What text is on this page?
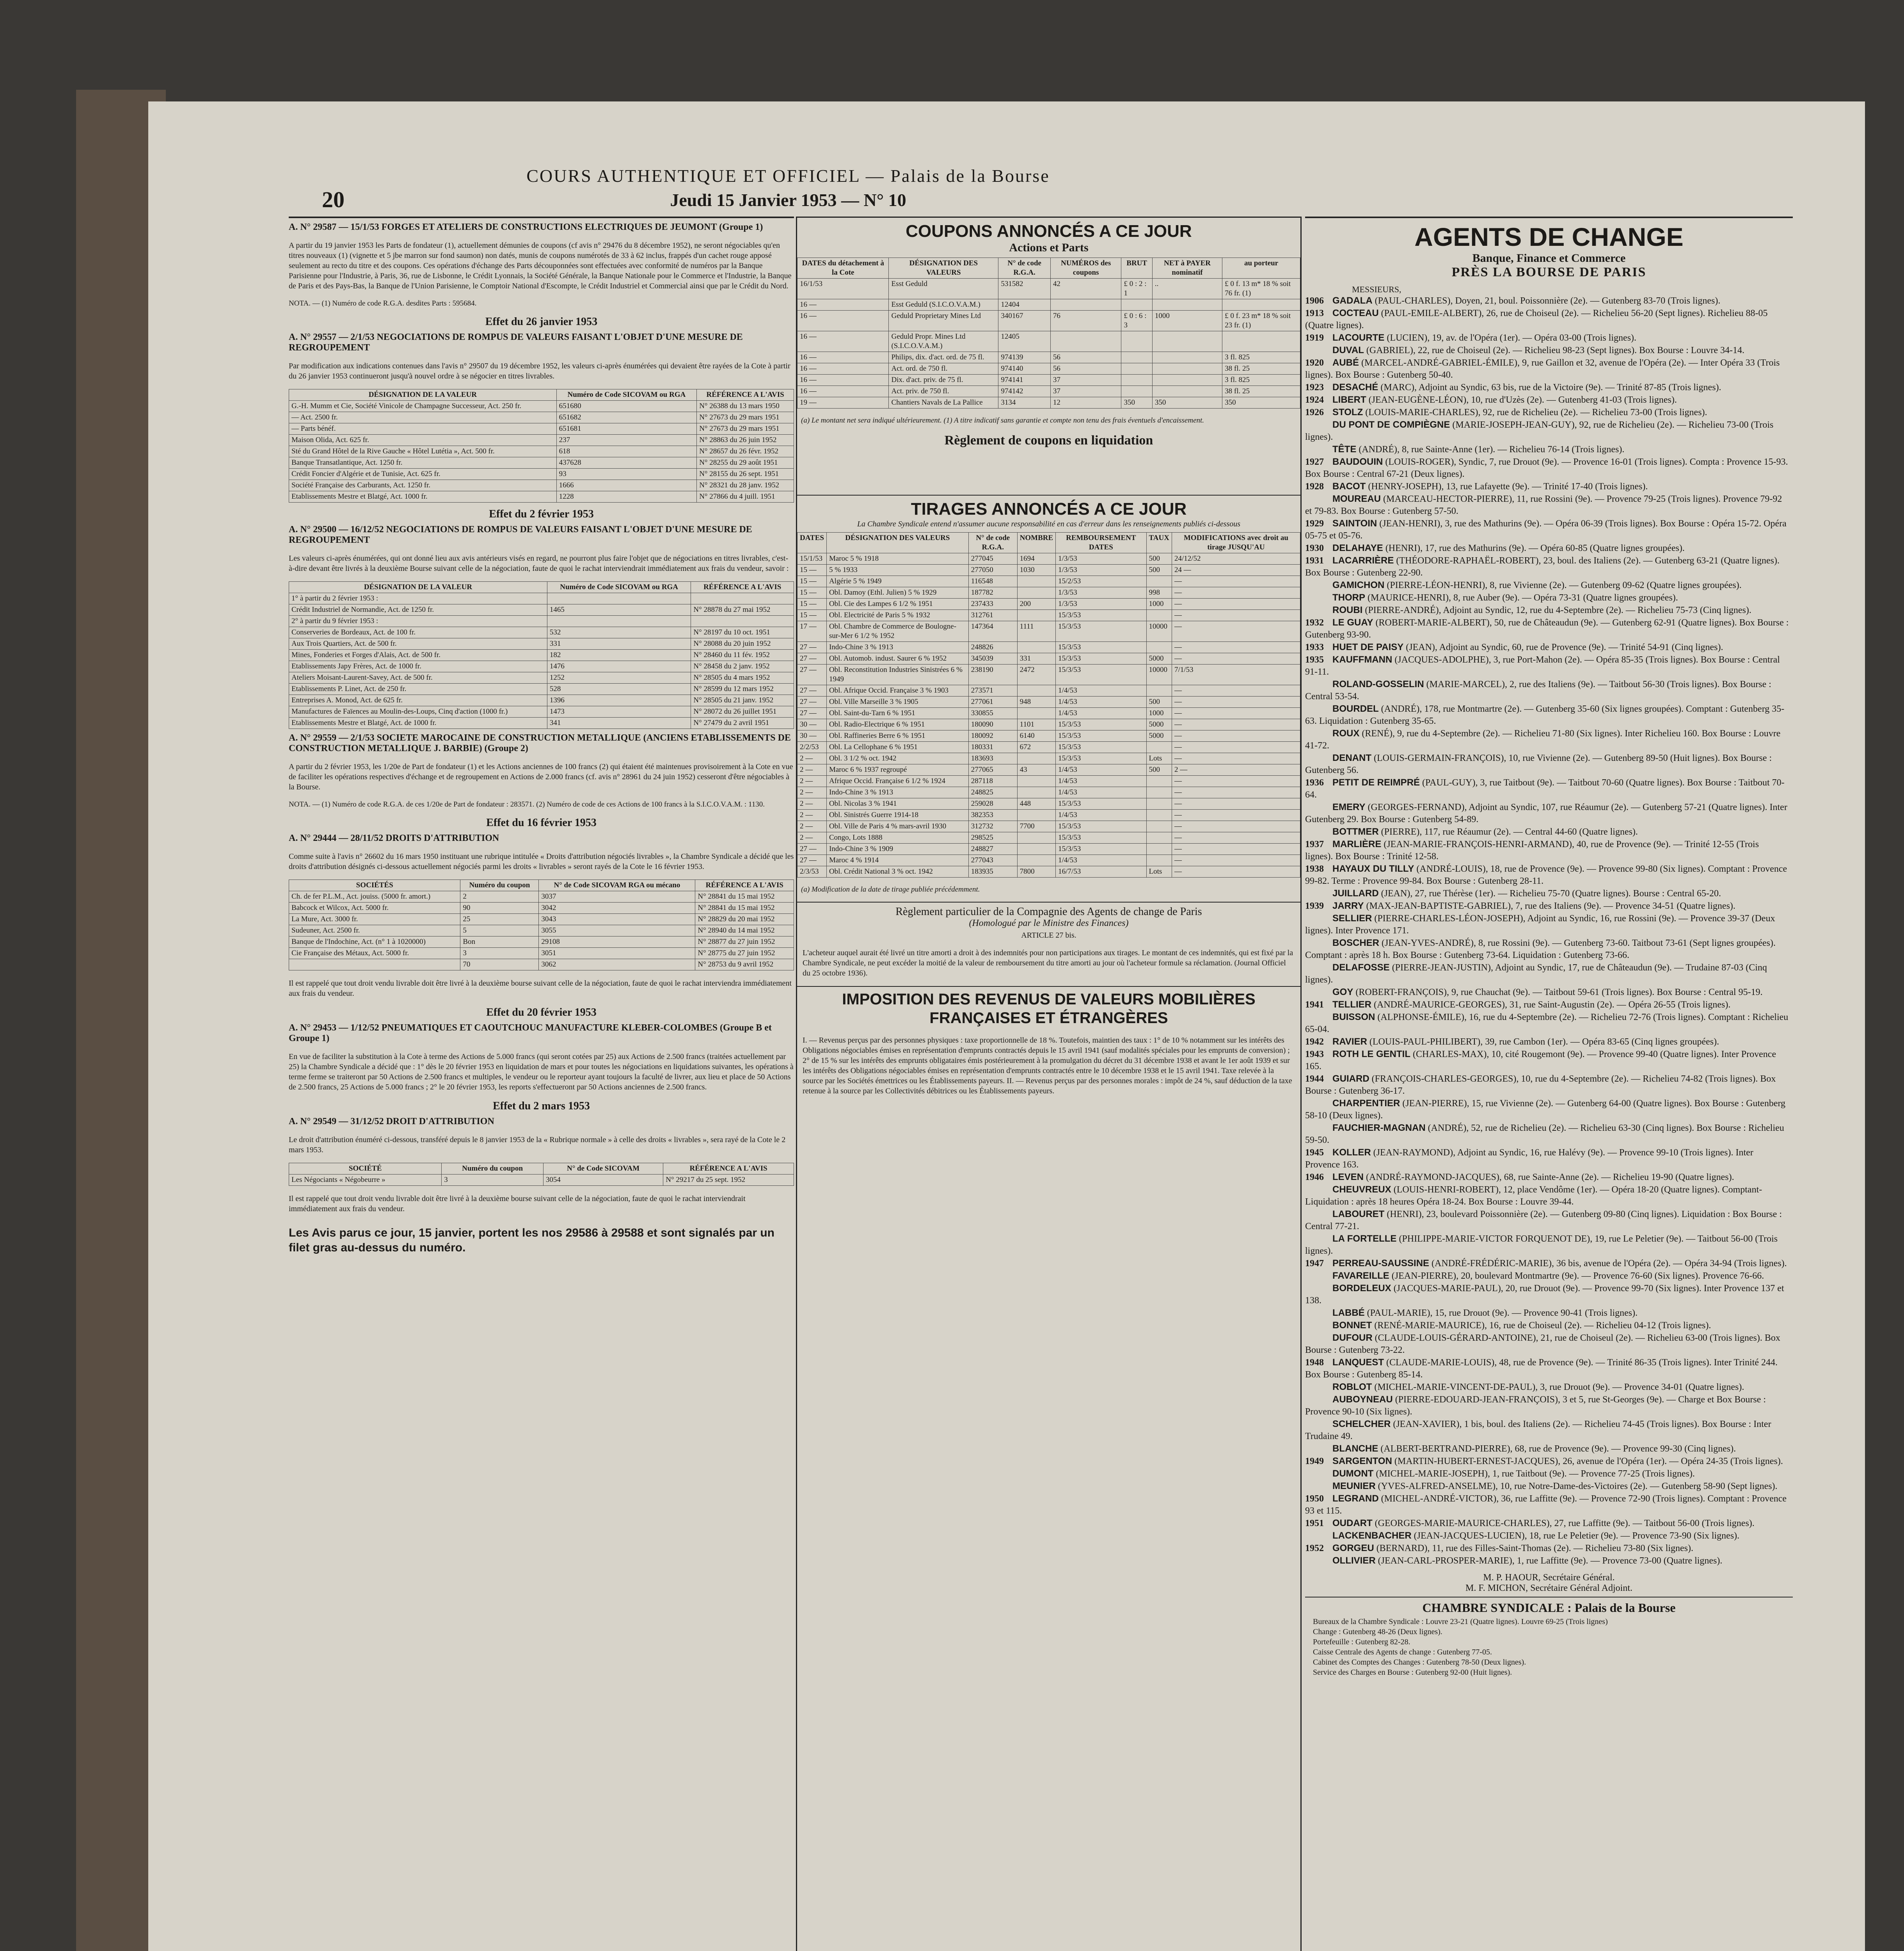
20
COURS AUTHENTIQUE ET OFFICIEL — Palais de la Bourse
Jeudi 15 Janvier 1953 — N° 10
A. N° 29587 — 15/1/53 FORGES ET ATELIERS DE CONSTRUCTIONS ELECTRIQUES DE JEUMONT (Groupe 1)

A partir du 19 janvier 1953 les Parts de fondateur (1), actuellement démunies de coupons (cf avis n° 29476 du 8 décembre 1952), ne seront négociables qu'en titres nouveaux (1) (vignette et 5 jbe marron sur fond saumon) non datés, munis de coupons numérotés de 33 à 62 inclus, frappés d'un cachet rouge apposé seulement au recto du titre et des coupons. Ces opérations d'échange des Parts découponnées sont effectuées avec conformité de numéros par la Banque Parisienne pour l'Industrie, à Paris, 36, rue de Lisbonne, le Crédit Lyonnais, la Société Générale, la Banque Nationale pour le Commerce et l'Industrie, la Banque de Paris et des Pays-Bas, la Banque de l'Union Parisienne, le Comptoir National d'Escompte, le Crédit Industriel et Commercial ainsi que par le Crédit du Nord.

NOTA. — (1) Numéro de code R.G.A. desdites Parts : 595684.

Effet du 26 janvier 1953
A. N° 29557 — 2/1/53 NEGOCIATIONS DE ROMPUS DE VALEURS FAISANT L'OBJET D'UNE MESURE DE REGROUPEMENT

Par modification aux indications contenues dans l'avis n° 29507 du 19 décembre 1952, les valeurs ci-après énumérées qui devaient être rayées de la Cote à partir du 26 janvier 1953 continueront jusqu'à nouvel ordre à se négocier en titres livrables.

DÉSIGNATION DE LA VALEUR	Numéro de Code SICOVAM ou RGA	RÉFÉRENCE A L'AVIS
G.-H. Mumm et Cie, Société Vinicole de Champagne Successeur, Act. 250 fr.	651680	N° 26388 du 13 mars 1950
— Act. 2500 fr.	651682	N° 27673 du 29 mars 1951
— Parts bénéf.	651681	N° 27673 du 29 mars 1951
Maison Olida, Act. 625 fr.	237	N° 28863 du 26 juin 1952
Sté du Grand Hôtel de la Rive Gauche « Hôtel Lutétia », Act. 500 fr.	618	N° 28657 du 26 févr. 1952
Banque Transatlantique, Act. 1250 fr.	437628	N° 28255 du 29 août 1951
Crédit Foncier d'Algérie et de Tunisie, Act. 625 fr.	93	N° 28155 du 26 sept. 1951
Société Française des Carburants, Act. 1250 fr.	1666	N° 28321 du 28 janv. 1952
Etablissements Mestre et Blatgé, Act. 1000 fr.	1228	N° 27866 du 4 juill. 1951
Effet du 2 février 1953
A. N° 29500 — 16/12/52 NEGOCIATIONS DE ROMPUS DE VALEURS FAISANT L'OBJET D'UNE MESURE DE REGROUPEMENT

Les valeurs ci-après énumérées, qui ont donné lieu aux avis antérieurs visés en regard, ne pourront plus faire l'objet que de négociations en titres livrables, c'est-à-dire devant être livrés à la deuxième Bourse suivant celle de la négociation, faute de quoi le rachat interviendrait immédiatement aux frais du vendeur, savoir :

DÉSIGNATION DE LA VALEUR	Numéro de Code SICOVAM ou RGA	RÉFÉRENCE A L'AVIS
1° à partir du 2 février 1953 :		
Crédit Industriel de Normandie, Act. de 1250 fr.	1465	N° 28878 du 27 mai 1952
2° à partir du 9 février 1953 :		
Conserveries de Bordeaux, Act. de 100 fr.	532	N° 28197 du 10 oct. 1951
Aux Trois Quartiers, Act. de 500 fr.	331	N° 28088 du 20 juin 1952
Mines, Fonderies et Forges d'Alais, Act. de 500 fr.	182	N° 28460 du 11 fév. 1952
Etablissements Japy Frères, Act. de 1000 fr.	1476	N° 28458 du 2 janv. 1952
Ateliers Moisant-Laurent-Savey, Act. de 500 fr.	1252	N° 28505 du 4 mars 1952
Etablissements P. Linet, Act. de 250 fr.	528	N° 28599 du 12 mars 1952
Entreprises A. Monod, Act. de 625 fr.	1396	N° 28505 du 21 janv. 1952
Manufactures de Faïences au Moulin-des-Loups, Cinq d'action (1000 fr.)	1473	N° 28072 du 26 juillet 1951
Etablissements Mestre et Blatgé, Act. de 1000 fr.	341	N° 27479 du 2 avril 1951
A. N° 29559 — 2/1/53 SOCIETE MAROCAINE DE CONSTRUCTION METALLIQUE (ANCIENS ETABLISSEMENTS DE CONSTRUCTION METALLIQUE J. BARBIE) (Groupe 2)

A partir du 2 février 1953, les 1/20e de Part de fondateur (1) et les Actions anciennes de 100 francs (2) qui étaient été maintenues provisoirement à la Cote en vue de faciliter les opérations respectives d'échange et de regroupement en Actions de 2.000 francs (cf. avis n° 28961 du 24 juin 1952) cesseront d'être négociables à la Bourse.

NOTA. — (1) Numéro de code R.G.A. de ces 1/20e de Part de fondateur : 283571. (2) Numéro de code de ces Actions de 100 francs à la S.I.C.O.V.A.M. : 1130.

Effet du 16 février 1953
A. N° 29444 — 28/11/52 DROITS D'ATTRIBUTION

Comme suite à l'avis n° 26602 du 16 mars 1950 instituant une rubrique intitulée « Droits d'attribution négociés livrables », la Chambre Syndicale a décidé que les droits d'attribution désignés ci-dessous actuellement négociés parmi les droits « livrables » seront rayés de la Cote le 16 février 1953.

SOCIÉTÉS	Numéro du coupon	N° de Code SICOVAM RGA ou mécano	RÉFÉRENCE A L'AVIS
Ch. de fer P.L.M., Act. jouiss. (5000 fr. amort.)	2	3037	N° 28841 du 15 mai 1952
Babcock et Wilcox, Act. 5000 fr.	90	3042	N° 28841 du 15 mai 1952
La Mure, Act. 3000 fr.	25	3043	N° 28829 du 20 mai 1952
Sudeuner, Act. 2500 fr.	5	3055	N° 28940 du 14 mai 1952
Banque de l'Indochine, Act. (n° 1 à 1020000)	Bon	29108	N° 28877 du 27 juin 1952
Cie Française des Métaux, Act. 5000 fr.	3	3051	N° 28775 du 27 juin 1952
	70	3062	N° 28753 du 9 avril 1952

Il est rappelé que tout droit vendu livrable doit être livré à la deuxième bourse suivant celle de la négociation, faute de quoi le rachat interviendra immédiatement aux frais du vendeur.

Effet du 20 février 1953
A. N° 29453 — 1/12/52 PNEUMATIQUES ET CAOUTCHOUC MANUFACTURE KLEBER-COLOMBES (Groupe B et Groupe 1)

En vue de faciliter la substitution à la Cote à terme des Actions de 5.000 francs (qui seront cotées par 25) aux Actions de 2.500 francs (traitées actuellement par 25) la Chambre Syndicale a décidé que : 1° dès le 20 février 1953 en liquidation de mars et pour toutes les négociations en liquidations suivantes, les opérations à terme ferme se traiteront par 50 Actions de 2.500 francs et multiples, le vendeur ou le reporteur ayant toujours la faculté de livrer, aux lieu et place de 50 Actions de 2.500 francs, 25 Actions de 5.000 francs ; 2° le 20 février 1953, les reports s'effectueront par 50 Actions anciennes de 2.500 francs.

Effet du 2 mars 1953
A. N° 29549 — 31/12/52 DROIT D'ATTRIBUTION

Le droit d'attribution énuméré ci-dessous, transféré depuis le 8 janvier 1953 de la « Rubrique normale » à celle des droits « livrables », sera rayé de la Cote le 2 mars 1953.

SOCIÉTÉ	Numéro du coupon	N° de Code SICOVAM	RÉFÉRENCE A L'AVIS
Les Négociants « Négobeurre »	3	3054	N° 29217 du 25 sept. 1952

Il est rappelé que tout droit vendu livrable doit être livré à la deuxième bourse suivant celle de la négociation, faute de quoi le rachat interviendrait immédiatement aux frais du vendeur.

Les Avis parus ce jour, 15 janvier, portent les nos 29586 à 29588 et sont signalés par un filet gras au-dessus du numéro.

COUPONS ANNONCÉS A CE JOUR
Actions et Parts
DATES du détachement à la Cote	DÉSIGNATION DES VALEURS	N° de code R.G.A.	NUMÉROS des coupons	BRUT	NET à PAYER nominatif	au porteur
16/1/53	Esst Geduld	531582	42	£ 0 : 2 : 1	..	£ 0 f. 13 m* 18 % soit 76 fr. (1)
16 —	Esst Geduld (S.I.C.O.V.A.M.)	12404				
16 —	Geduld Proprietary Mines Ltd	340167	76	£ 0 : 6 : 3	1000	£ 0 f. 23 m* 18 % soit 23 fr. (1)
16 —	Geduld Propr. Mines Ltd (S.I.C.O.V.A.M.)	12405				
16 —	Philips, dix. d'act. ord. de 75 fl.	974139	56			3 fl. 825
16 —	Act. ord. de 750 fl.	974140	56			38 fl. 25
16 —	Dix. d'act. priv. de 75 fl.	974141	37			3 fl. 825
16 —	Act. priv. de 750 fl.	974142	37			38 fl. 25
19 —	Chantiers Navals de La Pallice	3134	12	350	350	350

(a) Le montant net sera indiqué ultérieurement. (1) A titre indicatif sans garantie et compte non tenu des frais éventuels d'encaissement.

Règlement de coupons en liquidation
TIRAGES ANNONCÉS A CE JOUR
La Chambre Syndicale entend n'assumer aucune responsabilité en cas d'erreur dans les renseignements publiés ci-dessous
DATES	DÉSIGNATION DES VALEURS	N° de code R.G.A.	NOMBRE	REMBOURSEMENT DATES	TAUX	MODIFICATIONS avec droit au tirage JUSQU'AU
15/1/53	Maroc 5 % 1918	277045	1694	1/3/53	500	24/12/52
15 —	5 % 1933	277050	1030	1/3/53	500	24 —
15 —	Algérie 5 % 1949	116548		15/2/53		—
15 —	Obl. Damoy (Ethl. Julien) 5 % 1929	187782		1/3/53	998	—
15 —	Obl. Cie des Lampes 6 1/2 % 1951	237433	200	1/3/53	1000	—
15 —	Obl. Electricité de Paris 5 % 1932	312761		15/3/53		—
17 —	Obl. Chambre de Commerce de Boulogne-sur-Mer 6 1/2 % 1952	147364	1111	15/3/53	10000	—
27 —	Indo-Chine 3 % 1913	248826		15/3/53		—
27 —	Obl. Automob. indust. Saurer 6 % 1952	345039	331	15/3/53	5000	—
27 —	Obl. Reconstitution Industries Sinistrées 6 % 1949	238190	2472	15/3/53	10000	7/1/53
27 —	Obl. Afrique Occid. Française 3 % 1903	273571		1/4/53		—
27 —	Obl. Ville Marseille 3 % 1905	277061	948	1/4/53	500	—
27 —	Obl. Saint-du-Tarn 6 % 1951	330855		1/4/53	1000	—
30 —	Obl. Radio-Electrique 6 % 1951	180090	1101	15/3/53	5000	—
30 —	Obl. Raffineries Berre 6 % 1951	180092	6140	15/3/53	5000	—
2/2/53	Obl. La Cellophane 6 % 1951	180331	672	15/3/53		—
2 —	Obl. 3 1/2 % oct. 1942	183693		15/3/53	Lots	—
2 —	Maroc 6 % 1937 regroupé	277065	43	1/4/53	500	2 —
2 —	Afrique Occid. Française 6 1/2 % 1924	287118		1/4/53		—
2 —	Indo-Chine 3 % 1913	248825		1/4/53		—
2 —	Obl. Nicolas 3 % 1941	259028	448	15/3/53		—
2 —	Obl. Sinistrés Guerre 1914-18	382353		1/4/53		—
2 —	Obl. Ville de Paris 4 % mars-avril 1930	312732	7700	15/3/53		—
2 —	Congo, Lots 1888	298525		15/3/53		—
27 —	Indo-Chine 3 % 1909	248827		15/3/53		—
27 —	Maroc 4 % 1914	277043		1/4/53		—
2/3/53	Obl. Crédit National 3 % oct. 1942	183935	7800	16/7/53	Lots	—

(a) Modification de la date de tirage publiée précédemment.

Règlement particulier de la Compagnie des Agents de change de Paris
(Homologué par le Ministre des Finances)
ARTICLE 27 bis.

L'acheteur auquel aurait été livré un titre amorti a droit à des indemnités pour non participations aux tirages. Le montant de ces indemnités, qui est fixé par la Chambre Syndicale, ne peut excéder la moitié de la valeur de remboursement du titre amorti au jour où l'acheteur formule sa réclamation. (Journal Officiel du 25 octobre 1936).

IMPOSITION DES REVENUS DE VALEURS MOBILIÈRES FRANÇAISES ET ÉTRANGÈRES

I. — Revenus perçus par des personnes physiques : taxe proportionnelle de 18 %. Toutefois, maintien des taux : 1° de 10 % notamment sur les intérêts des Obligations négociables émises en représentation d'emprunts contractés depuis le 15 avril 1941 (sauf modalités spéciales pour les emprunts de conversion) ; 2° de 15 % sur les intérêts des emprunts obligataires émis postérieurement à la promulgation du décret du 31 décembre 1938 et avant le 1er août 1939 et sur les intérêts des Obligations négociables émises en représentation d'emprunts contractés entre le 10 décembre 1938 et le 15 avril 1941. Taxe relevée à la source par les Sociétés émettrices ou les Établissements payeurs. II. — Revenus perçus par des personnes morales : impôt de 24 %, sauf déduction de la taxe retenue à la source par les Collectivités débitrices ou les Établissements payeurs.

AGENTS DE CHANGE
Banque, Finance et Commerce
PRÈS LA BOURSE DE PARIS
MESSIEURS,

1906 GADALA (PAUL-CHARLES), Doyen, 21, boul. Poissonnière (2e). — Gutenberg 83-70 (Trois lignes).

1913 COCTEAU (PAUL-EMILE-ALBERT), 26, rue de Choiseul (2e). — Richelieu 56-20 (Sept lignes). Richelieu 88-05 (Quatre lignes).

1919 LACOURTE (LUCIEN), 19, av. de l'Opéra (1er). — Opéra 03-00 (Trois lignes).

DUVAL (GABRIEL), 22, rue de Choiseul (2e). — Richelieu 98-23 (Sept lignes). Box Bourse : Louvre 34-14.

1920 AUBÉ (MARCEL-ANDRÉ-GABRIEL-ÉMILE), 9, rue Gaillon et 32, avenue de l'Opéra (2e). — Inter Opéra 33 (Trois lignes). Box Bourse : Gutenberg 50-40.

1923 DESACHÉ (MARC), Adjoint au Syndic, 63 bis, rue de la Victoire (9e). — Trinité 87-85 (Trois lignes).

1924 LIBERT (JEAN-EUGÈNE-LÉON), 10, rue d'Uzès (2e). — Gutenberg 41-03 (Trois lignes).

1926 STOLZ (LOUIS-MARIE-CHARLES), 92, rue de Richelieu (2e). — Richelieu 73-00 (Trois lignes).

DU PONT DE COMPIÈGNE (MARIE-JOSEPH-JEAN-GUY), 92, rue de Richelieu (2e). — Richelieu 73-00 (Trois lignes).

TÊTE (ANDRÉ), 8, rue Sainte-Anne (1er). — Richelieu 76-14 (Trois lignes).

1927 BAUDOUIN (LOUIS-ROGER), Syndic, 7, rue Drouot (9e). — Provence 16-01 (Trois lignes). Compta : Provence 15-93. Box Bourse : Central 67-21 (Deux lignes).

1928 BACOT (HENRY-JOSEPH), 13, rue Lafayette (9e). — Trinité 17-40 (Trois lignes).

MOUREAU (MARCEAU-HECTOR-PIERRE), 11, rue Rossini (9e). — Provence 79-25 (Trois lignes). Provence 79-92 et 79-83. Box Bourse : Gutenberg 57-50.

1929 SAINTOIN (JEAN-HENRI), 3, rue des Mathurins (9e). — Opéra 06-39 (Trois lignes). Box Bourse : Opéra 15-72. Opéra 05-75 et 05-76.

1930 DELAHAYE (HENRI), 17, rue des Mathurins (9e). — Opéra 60-85 (Quatre lignes groupées).

1931 LACARRIÈRE (THÉODORE-RAPHAËL-ROBERT), 23, boul. des Italiens (2e). — Gutenberg 63-21 (Quatre lignes). Box Bourse : Gutenberg 22-90.

GAMICHON (PIERRE-LÉON-HENRI), 8, rue Vivienne (2e). — Gutenberg 09-62 (Quatre lignes groupées).

THORP (MAURICE-HENRI), 8, rue Auber (9e). — Opéra 73-31 (Quatre lignes groupées).

ROUBI (PIERRE-ANDRÉ), Adjoint au Syndic, 12, rue du 4-Septembre (2e). — Richelieu 75-73 (Cinq lignes).

1932 LE GUAY (ROBERT-MARIE-ALBERT), 50, rue de Châteaudun (9e). — Gutenberg 62-91 (Quatre lignes). Box Bourse : Gutenberg 93-90.

1933 HUET DE PAISY (JEAN), Adjoint au Syndic, 60, rue de Provence (9e). — Trinité 54-91 (Cinq lignes).

1935 KAUFFMANN (JACQUES-ADOLPHE), 3, rue Port-Mahon (2e). — Opéra 85-35 (Trois lignes). Box Bourse : Central 91-11.

ROLAND-GOSSELIN (MARIE-MARCEL), 2, rue des Italiens (9e). — Taitbout 56-30 (Trois lignes). Box Bourse : Central 53-54.

BOURDEL (ANDRÉ), 178, rue Montmartre (2e). — Gutenberg 35-60 (Six lignes groupées). Comptant : Gutenberg 35-63. Liquidation : Gutenberg 35-65.

ROUX (RENÉ), 9, rue du 4-Septembre (2e). — Richelieu 71-80 (Six lignes). Inter Richelieu 160. Box Bourse : Louvre 41-72.

DENANT (LOUIS-GERMAIN-FRANÇOIS), 10, rue Vivienne (2e). — Gutenberg 89-50 (Huit lignes). Box Bourse : Gutenberg 56.

1936 PETIT DE REIMPRÉ (PAUL-GUY), 3, rue Taitbout (9e). — Taitbout 70-60 (Quatre lignes). Box Bourse : Taitbout 70-64.

EMERY (GEORGES-FERNAND), Adjoint au Syndic, 107, rue Réaumur (2e). — Gutenberg 57-21 (Quatre lignes). Inter Gutenberg 29. Box Bourse : Gutenberg 54-89.

BOTTMER (PIERRE), 117, rue Réaumur (2e). — Central 44-60 (Quatre lignes).

1937 MARLIÈRE (JEAN-MARIE-FRANÇOIS-HENRI-ARMAND), 40, rue de Provence (9e). — Trinité 12-55 (Trois lignes). Box Bourse : Trinité 12-58.

1938 HAYAUX DU TILLY (ANDRÉ-LOUIS), 18, rue de Provence (9e). — Provence 99-80 (Six lignes). Comptant : Provence 99-82. Terme : Provence 99-84. Box Bourse : Gutenberg 28-11.

JUILLARD (JEAN), 27, rue Thérèse (1er). — Richelieu 75-70 (Quatre lignes). Bourse : Central 65-20.

1939 JARRY (MAX-JEAN-BAPTISTE-GABRIEL), 7, rue des Italiens (9e). — Provence 34-51 (Quatre lignes).

SELLIER (PIERRE-CHARLES-LÉON-JOSEPH), Adjoint au Syndic, 16, rue Rossini (9e). — Provence 39-37 (Deux lignes). Inter Provence 171.

BOSCHER (JEAN-YVES-ANDRÉ), 8, rue Rossini (9e). — Gutenberg 73-60. Taitbout 73-61 (Sept lignes groupées). Comptant : après 18 h. Box Bourse : Gutenberg 73-64. Liquidation : Gutenberg 73-66.

DELAFOSSE (PIERRE-JEAN-JUSTIN), Adjoint au Syndic, 17, rue de Châteaudun (9e). — Trudaine 87-03 (Cinq lignes).

GOY (ROBERT-FRANÇOIS), 9, rue Chauchat (9e). — Taitbout 59-61 (Trois lignes). Box Bourse : Central 95-19.

1941 TELLIER (ANDRÉ-MAURICE-GEORGES), 31, rue Saint-Augustin (2e). — Opéra 26-55 (Trois lignes).

BUISSON (ALPHONSE-ÉMILE), 16, rue du 4-Septembre (2e). — Richelieu 72-76 (Trois lignes). Comptant : Richelieu 65-04.

1942 RAVIER (LOUIS-PAUL-PHILIBERT), 39, rue Cambon (1er). — Opéra 83-65 (Cinq lignes groupées).

1943 ROTH LE GENTIL (CHARLES-MAX), 10, cité Rougemont (9e). — Provence 99-40 (Quatre lignes). Inter Provence 165.

1944 GUIARD (FRANÇOIS-CHARLES-GEORGES), 10, rue du 4-Septembre (2e). — Richelieu 74-82 (Trois lignes). Box Bourse : Gutenberg 36-17.

CHARPENTIER (JEAN-PIERRE), 15, rue Vivienne (2e). — Gutenberg 64-00 (Quatre lignes). Box Bourse : Gutenberg 58-10 (Deux lignes).

FAUCHIER-MAGNAN (ANDRÉ), 52, rue de Richelieu (2e). — Richelieu 63-30 (Cinq lignes). Box Bourse : Richelieu 59-50.

1945 KOLLER (JEAN-RAYMOND), Adjoint au Syndic, 16, rue Halévy (9e). — Provence 99-10 (Trois lignes). Inter Provence 163.

1946 LEVEN (ANDRÉ-RAYMOND-JACQUES), 68, rue Sainte-Anne (2e). — Richelieu 19-90 (Quatre lignes).

CHEUVREUX (LOUIS-HENRI-ROBERT), 12, place Vendôme (1er). — Opéra 18-20 (Quatre lignes). Comptant-Liquidation : après 18 heures Opéra 18-24. Box Bourse : Louvre 39-44.

LABOURET (HENRI), 23, boulevard Poissonnière (2e). — Gutenberg 09-80 (Cinq lignes). Liquidation : Box Bourse : Central 77-21.

LA FORTELLE (PHILIPPE-MARIE-VICTOR FORQUENOT DE), 19, rue Le Peletier (9e). — Taitbout 56-00 (Trois lignes).

1947 PERREAU-SAUSSINE (ANDRÉ-FRÉDÉRIC-MARIE), 36 bis, avenue de l'Opéra (2e). — Opéra 34-94 (Trois lignes).

FAVAREILLE (JEAN-PIERRE), 20, boulevard Montmartre (9e). — Provence 76-60 (Six lignes). Provence 76-66.

BORDELEUX (JACQUES-MARIE-PAUL), 20, rue Drouot (9e). — Provence 99-70 (Six lignes). Inter Provence 137 et 138.

LABBÉ (PAUL-MARIE), 15, rue Drouot (9e). — Provence 90-41 (Trois lignes).

BONNET (RENÉ-MARIE-MAURICE), 16, rue de Choiseul (2e). — Richelieu 04-12 (Trois lignes).

DUFOUR (CLAUDE-LOUIS-GÉRARD-ANTOINE), 21, rue de Choiseul (2e). — Richelieu 63-00 (Trois lignes). Box Bourse : Gutenberg 73-22.

1948 LANQUEST (CLAUDE-MARIE-LOUIS), 48, rue de Provence (9e). — Trinité 86-35 (Trois lignes). Inter Trinité 244. Box Bourse : Gutenberg 85-14.

ROBLOT (MICHEL-MARIE-VINCENT-DE-PAUL), 3, rue Drouot (9e). — Provence 34-01 (Quatre lignes).

AUBOYNEAU (PIERRE-EDOUARD-JEAN-FRANÇOIS), 3 et 5, rue St-Georges (9e). — Charge et Box Bourse : Provence 90-10 (Six lignes).

SCHELCHER (JEAN-XAVIER), 1 bis, boul. des Italiens (2e). — Richelieu 74-45 (Trois lignes). Box Bourse : Inter Trudaine 49.

BLANCHE (ALBERT-BERTRAND-PIERRE), 68, rue de Provence (9e). — Provence 99-30 (Cinq lignes).

1949 SARGENTON (MARTIN-HUBERT-ERNEST-JACQUES), 26, avenue de l'Opéra (1er). — Opéra 24-35 (Trois lignes).

DUMONT (MICHEL-MARIE-JOSEPH), 1, rue Taitbout (9e). — Provence 77-25 (Trois lignes).

MEUNIER (YVES-ALFRED-ANSELME), 10, rue Notre-Dame-des-Victoires (2e). — Gutenberg 58-90 (Sept lignes).

1950 LEGRAND (MICHEL-ANDRÉ-VICTOR), 36, rue Laffitte (9e). — Provence 72-90 (Trois lignes). Comptant : Provence 93 et 115.

1951 OUDART (GEORGES-MARIE-MAURICE-CHARLES), 27, rue Laffitte (9e). — Taitbout 56-00 (Trois lignes).

LACKENBACHER (JEAN-JACQUES-LUCIEN), 18, rue Le Peletier (9e). — Provence 73-90 (Six lignes).

1952 GORGEU (BERNARD), 11, rue des Filles-Saint-Thomas (2e). — Richelieu 73-80 (Six lignes).

OLLIVIER (JEAN-CARL-PROSPER-MARIE), 1, rue Laffitte (9e). — Provence 73-00 (Quatre lignes).

M. P. HAOUR, Secrétaire Général.
M. F. MICHON, Secrétaire Général Adjoint.
CHAMBRE SYNDICALE : Palais de la Bourse
Bureaux de la Chambre Syndicale : Louvre 23-21 (Quatre lignes). Louvre 69-25 (Trois lignes)
Change : Gutenberg 48-26 (Deux lignes).
Portefeuille : Gutenberg 82-28.
Caisse Centrale des Agents de change : Gutenberg 77-05.
Cabinet des Comptes des Changes : Gutenberg 78-50 (Deux lignes).
Service des Charges en Bourse : Gutenberg 92-00 (Huit lignes).
